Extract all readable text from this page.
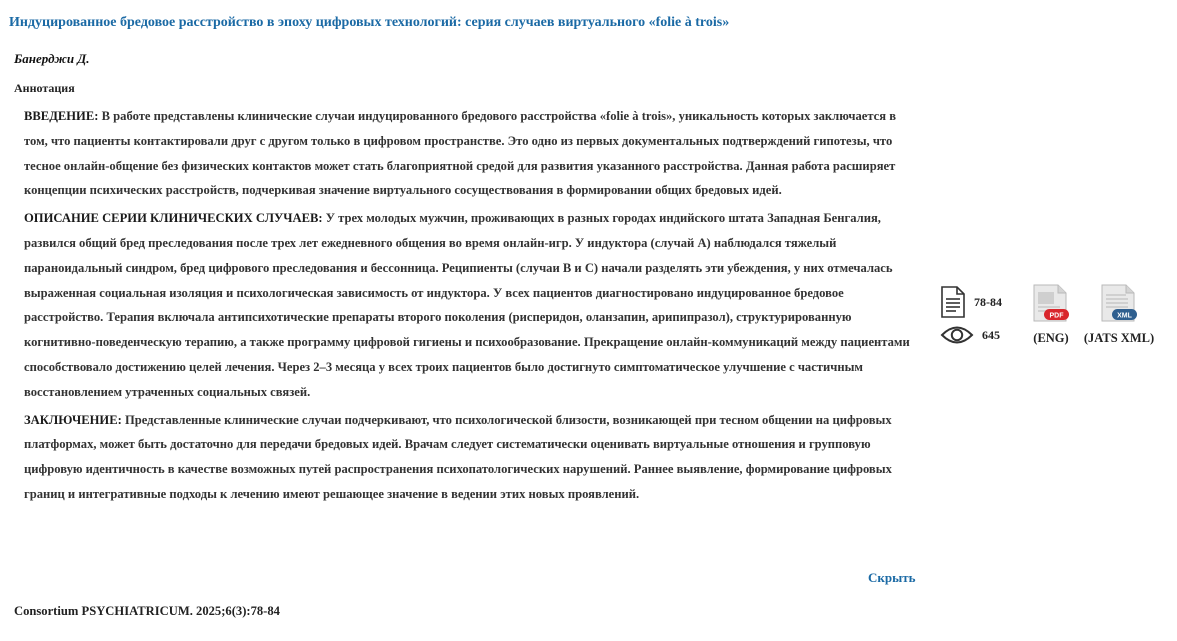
Индуцированное бредовое расстройство в эпоху цифровых технологий: серия случаев виртуального «folie à trois»
Банерджи Д.
Аннотация

ВВЕДЕНИЕ: В работе представлены клинические случаи индуцированного бредового расстройства «folie à trois», уникальность которых заключается в том, что пациенты контактировали друг с другом только в цифровом пространстве. Это одно из первых документальных подтверждений гипотезы, что тесное онлайн-общение без физических контактов может стать благоприятной средой для развития указанного расстройства. Данная работа расширяет концепции психических расстройств, подчеркивая значение виртуального сосуществования в формировании общих бредовых идей.

ОПИСАНИЕ СЕРИИ КЛИНИЧЕСКИХ СЛУЧАЕВ: У трех молодых мужчин, проживающих в разных городах индийского штата Западная Бенгалия, развился общий бред преследования после трех лет ежедневного общения во время онлайн-игр. У индуктора (случай А) наблюдался тяжелый параноидальный синдром, бред цифрового преследования и бессонница. Реципиенты (случаи B и C) начали разделять эти убеждения, у них отмечалась выраженная социальная изоляция и психологическая зависимость от индуктора. У всех пациентов диагностировано индуцированное бредовое расстройство. Терапия включала антипсихотические препараты второго поколения (рисперидон, оланзапин, арипипразол), структурированную когнитивно-поведенческую терапию, а также программу цифровой гигиены и психообразование. Прекращение онлайн-коммуникаций между пациентами способствовало достижению целей лечения. Через 2–3 месяца у всех троих пациентов было достигнуто симптоматическое улучшение с частичным восстановлением утраченных социальных связей.

ЗАКЛЮЧЕНИЕ: Представленные клинические случаи подчеркивают, что психологической близости, возникающей при тесном общении на цифровых платформах, может быть достаточно для передачи бредовых идей. Врачам следует систематически оценивать виртуальные отношения и групповую цифровую идентичность в качестве возможных путей распространения психопатологических нарушений. Раннее выявление, формирование цифровых границ и интегративные подходы к лечению имеют решающее значение в ведении этих новых проявлений.

Скрыть
Consortium PSYCHIATRICUM. 2025;6(3):78-84
78-84
645
PDF
(ENG)
XML
(JATS XML)
